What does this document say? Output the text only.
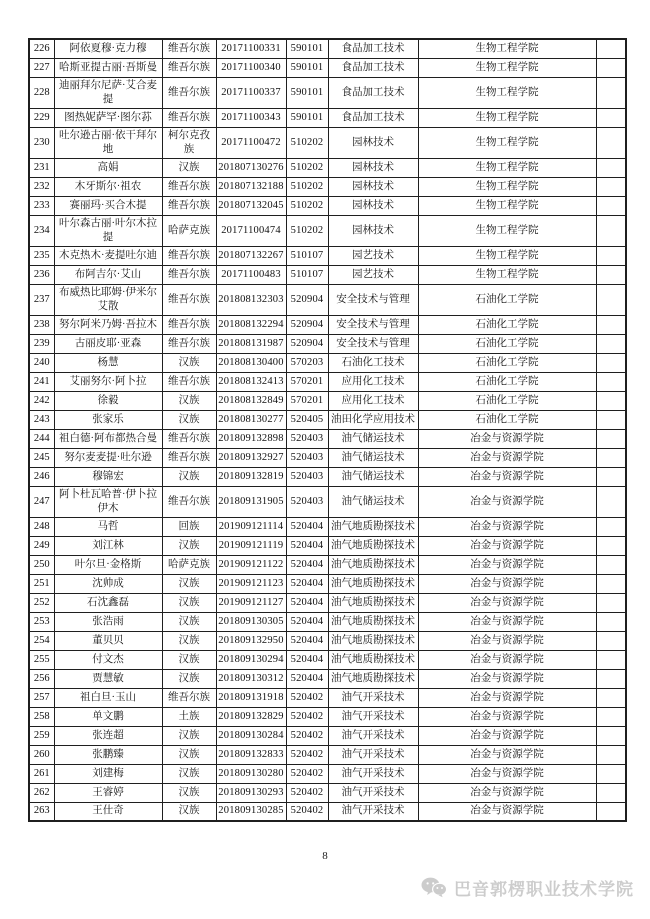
226	阿依夏穆·克力穆	维吾尔族	20171100331	590101	食品加工技术	生物工程学院	
227	哈斯亚提古丽·吾斯曼	维吾尔族	20171100340	590101	食品加工技术	生物工程学院	
228	迪丽拜尔尼萨·艾合麦提	维吾尔族	20171100337	590101	食品加工技术	生物工程学院	
229	图热妮萨罕·图尔荪	维吾尔族	20171100343	590101	食品加工技术	生物工程学院	
230	吐尔逊古丽·依干拜尔地	柯尔克孜族	20171100472	510202	园林技术	生物工程学院	
231	高娟	汉族	201807130276	510202	园林技术	生物工程学院	
232	木牙斯尔·祖农	维吾尔族	201807132188	510202	园林技术	生物工程学院	
233	赛丽玛·买合木提	维吾尔族	201807132045	510202	园林技术	生物工程学院	
234	叶尔森古丽·叶尔木拉提	哈萨克族	20171100474	510202	园林技术	生物工程学院	
235	木克热木·麦提吐尔迪	维吾尔族	201807132267	510107	园艺技术	生物工程学院	
236	布阿吉尔·艾山	维吾尔族	20171100483	510107	园艺技术	生物工程学院	
237	布威热比耶姆·伊米尔艾散	维吾尔族	201808132303	520904	安全技术与管理	石油化工学院	
238	努尔阿米乃姆·吾拉木	维吾尔族	201808132294	520904	安全技术与管理	石油化工学院	
239	古丽皮耶·亚森	维吾尔族	201808131987	520904	安全技术与管理	石油化工学院	
240	杨慧	汉族	201808130400	570203	石油化工技术	石油化工学院	
241	艾丽努尔·阿卜拉	维吾尔族	201808132413	570201	应用化工技术	石油化工学院	
242	徐毅	汉族	201808132849	570201	应用化工技术	石油化工学院	
243	张家乐	汉族	201808130277	520405	油田化学应用技术	石油化工学院	
244	祖白德·阿布都热合曼	维吾尔族	201809132898	520403	油气储运技术	冶金与资源学院	
245	努尔麦麦提·吐尔逊	维吾尔族	201809132927	520403	油气储运技术	冶金与资源学院	
246	穆锦宏	汉族	201809132819	520403	油气储运技术	冶金与资源学院	
247	阿卜杜瓦哈普·伊卜拉伊木	维吾尔族	201809131905	520403	油气储运技术	冶金与资源学院	
248	马哲	回族	201909121114	520404	油气地质勘探技术	冶金与资源学院	
249	刘江林	汉族	201909121119	520404	油气地质勘探技术	冶金与资源学院	
250	叶尔旦·金格斯	哈萨克族	201909121122	520404	油气地质勘探技术	冶金与资源学院	
251	沈帅成	汉族	201909121123	520404	油气地质勘探技术	冶金与资源学院	
252	石沈鑫磊	汉族	201909121127	520404	油气地质勘探技术	冶金与资源学院	
253	张浩雨	汉族	201809130305	520404	油气地质勘探技术	冶金与资源学院	
254	董贝贝	汉族	201809132950	520404	油气地质勘探技术	冶金与资源学院	
255	付文杰	汉族	201809130294	520404	油气地质勘探技术	冶金与资源学院	
256	贾慧敏	汉族	201809130312	520404	油气地质勘探技术	冶金与资源学院	
257	祖白旦·玉山	维吾尔族	201809131918	520402	油气开采技术	冶金与资源学院	
258	单文鹏	土族	201809132829	520402	油气开采技术	冶金与资源学院	
259	张连超	汉族	201809130284	520402	油气开采技术	冶金与资源学院	
260	张鹏臻	汉族	201809132833	520402	油气开采技术	冶金与资源学院	
261	刘建梅	汉族	201809130280	520402	油气开采技术	冶金与资源学院	
262	王睿婷	汉族	201809130293	520402	油气开采技术	冶金与资源学院	
263	王仕奇	汉族	201809130285	520402	油气开采技术	冶金与资源学院	
8
巴音郭楞职业技术学院
